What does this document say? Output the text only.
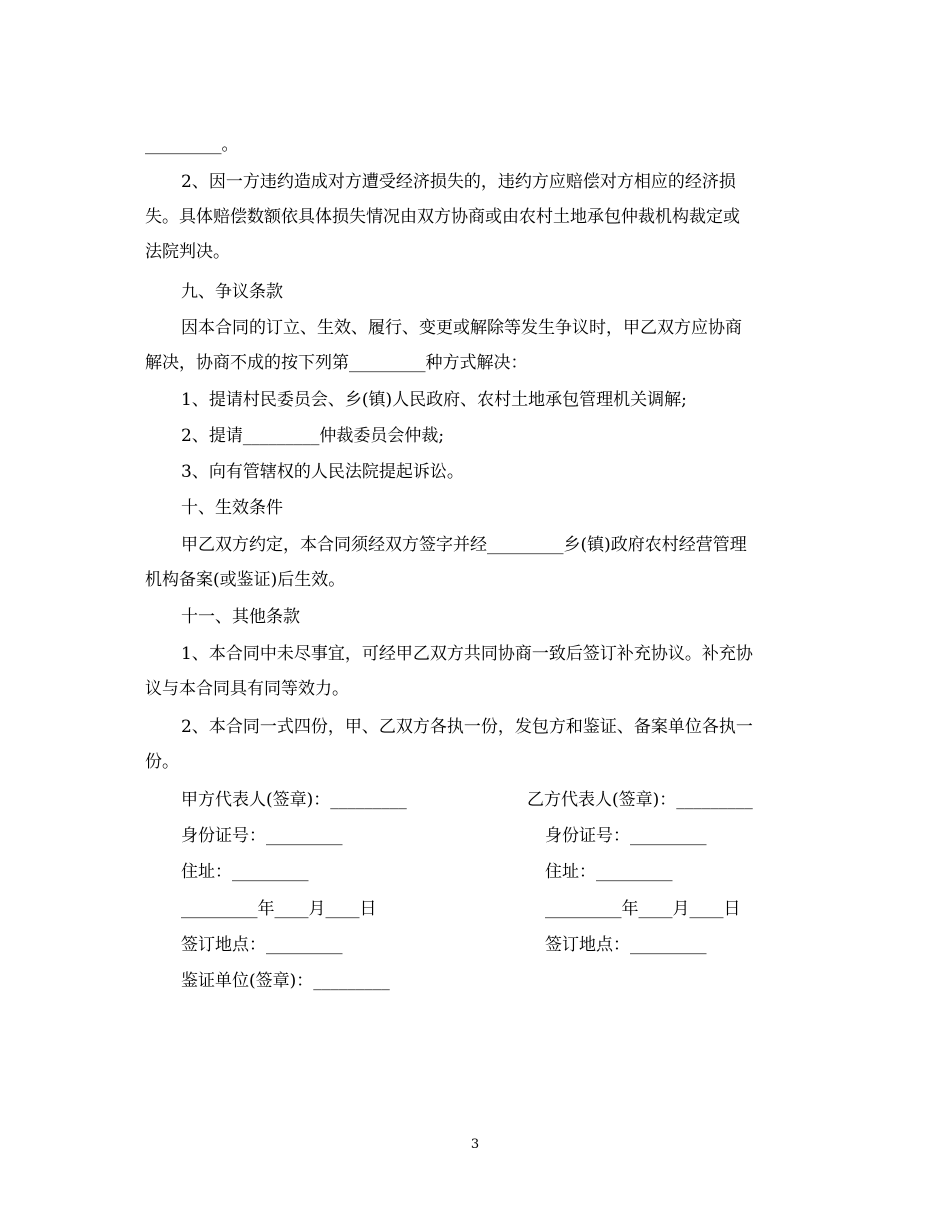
_________。
2、因一方违约造成对方遭受经济损失的，违约方应赔偿对方相应的经济损
失。具体赔偿数额依具体损失情况由双方协商或由农村土地承包仲裁机构裁定或
法院判决。
九、争议条款
因本合同的订立、生效、履行、变更或解除等发生争议时，甲乙双方应协商
解决，协商不成的按下列第_________种方式解决：
1、提请村民委员会、乡(镇)人民政府、农村土地承包管理机关调解;
2、提请_________仲裁委员会仲裁;
3、向有管辖权的人民法院提起诉讼。
十、生效条件
甲乙双方约定，本合同须经双方签字并经_________乡(镇)政府农村经营管理
机构备案(或鉴证)后生效。
十一、其他条款
1、本合同中未尽事宜，可经甲乙双方共同协商一致后签订补充协议。补充协
议与本合同具有同等效力。
2、本合同一式四份，甲、乙双方各执一份，发包方和鉴证、备案单位各执一
份。
甲方代表人(签章)：_________	乙方代表人(签章)：_________
身份证号：_________	身份证号：_________
住址：_________	住址：_________
_________年____月____日	_________年____月____日
签订地点：_________	签订地点：_________
鉴证单位(签章)：_________
3
